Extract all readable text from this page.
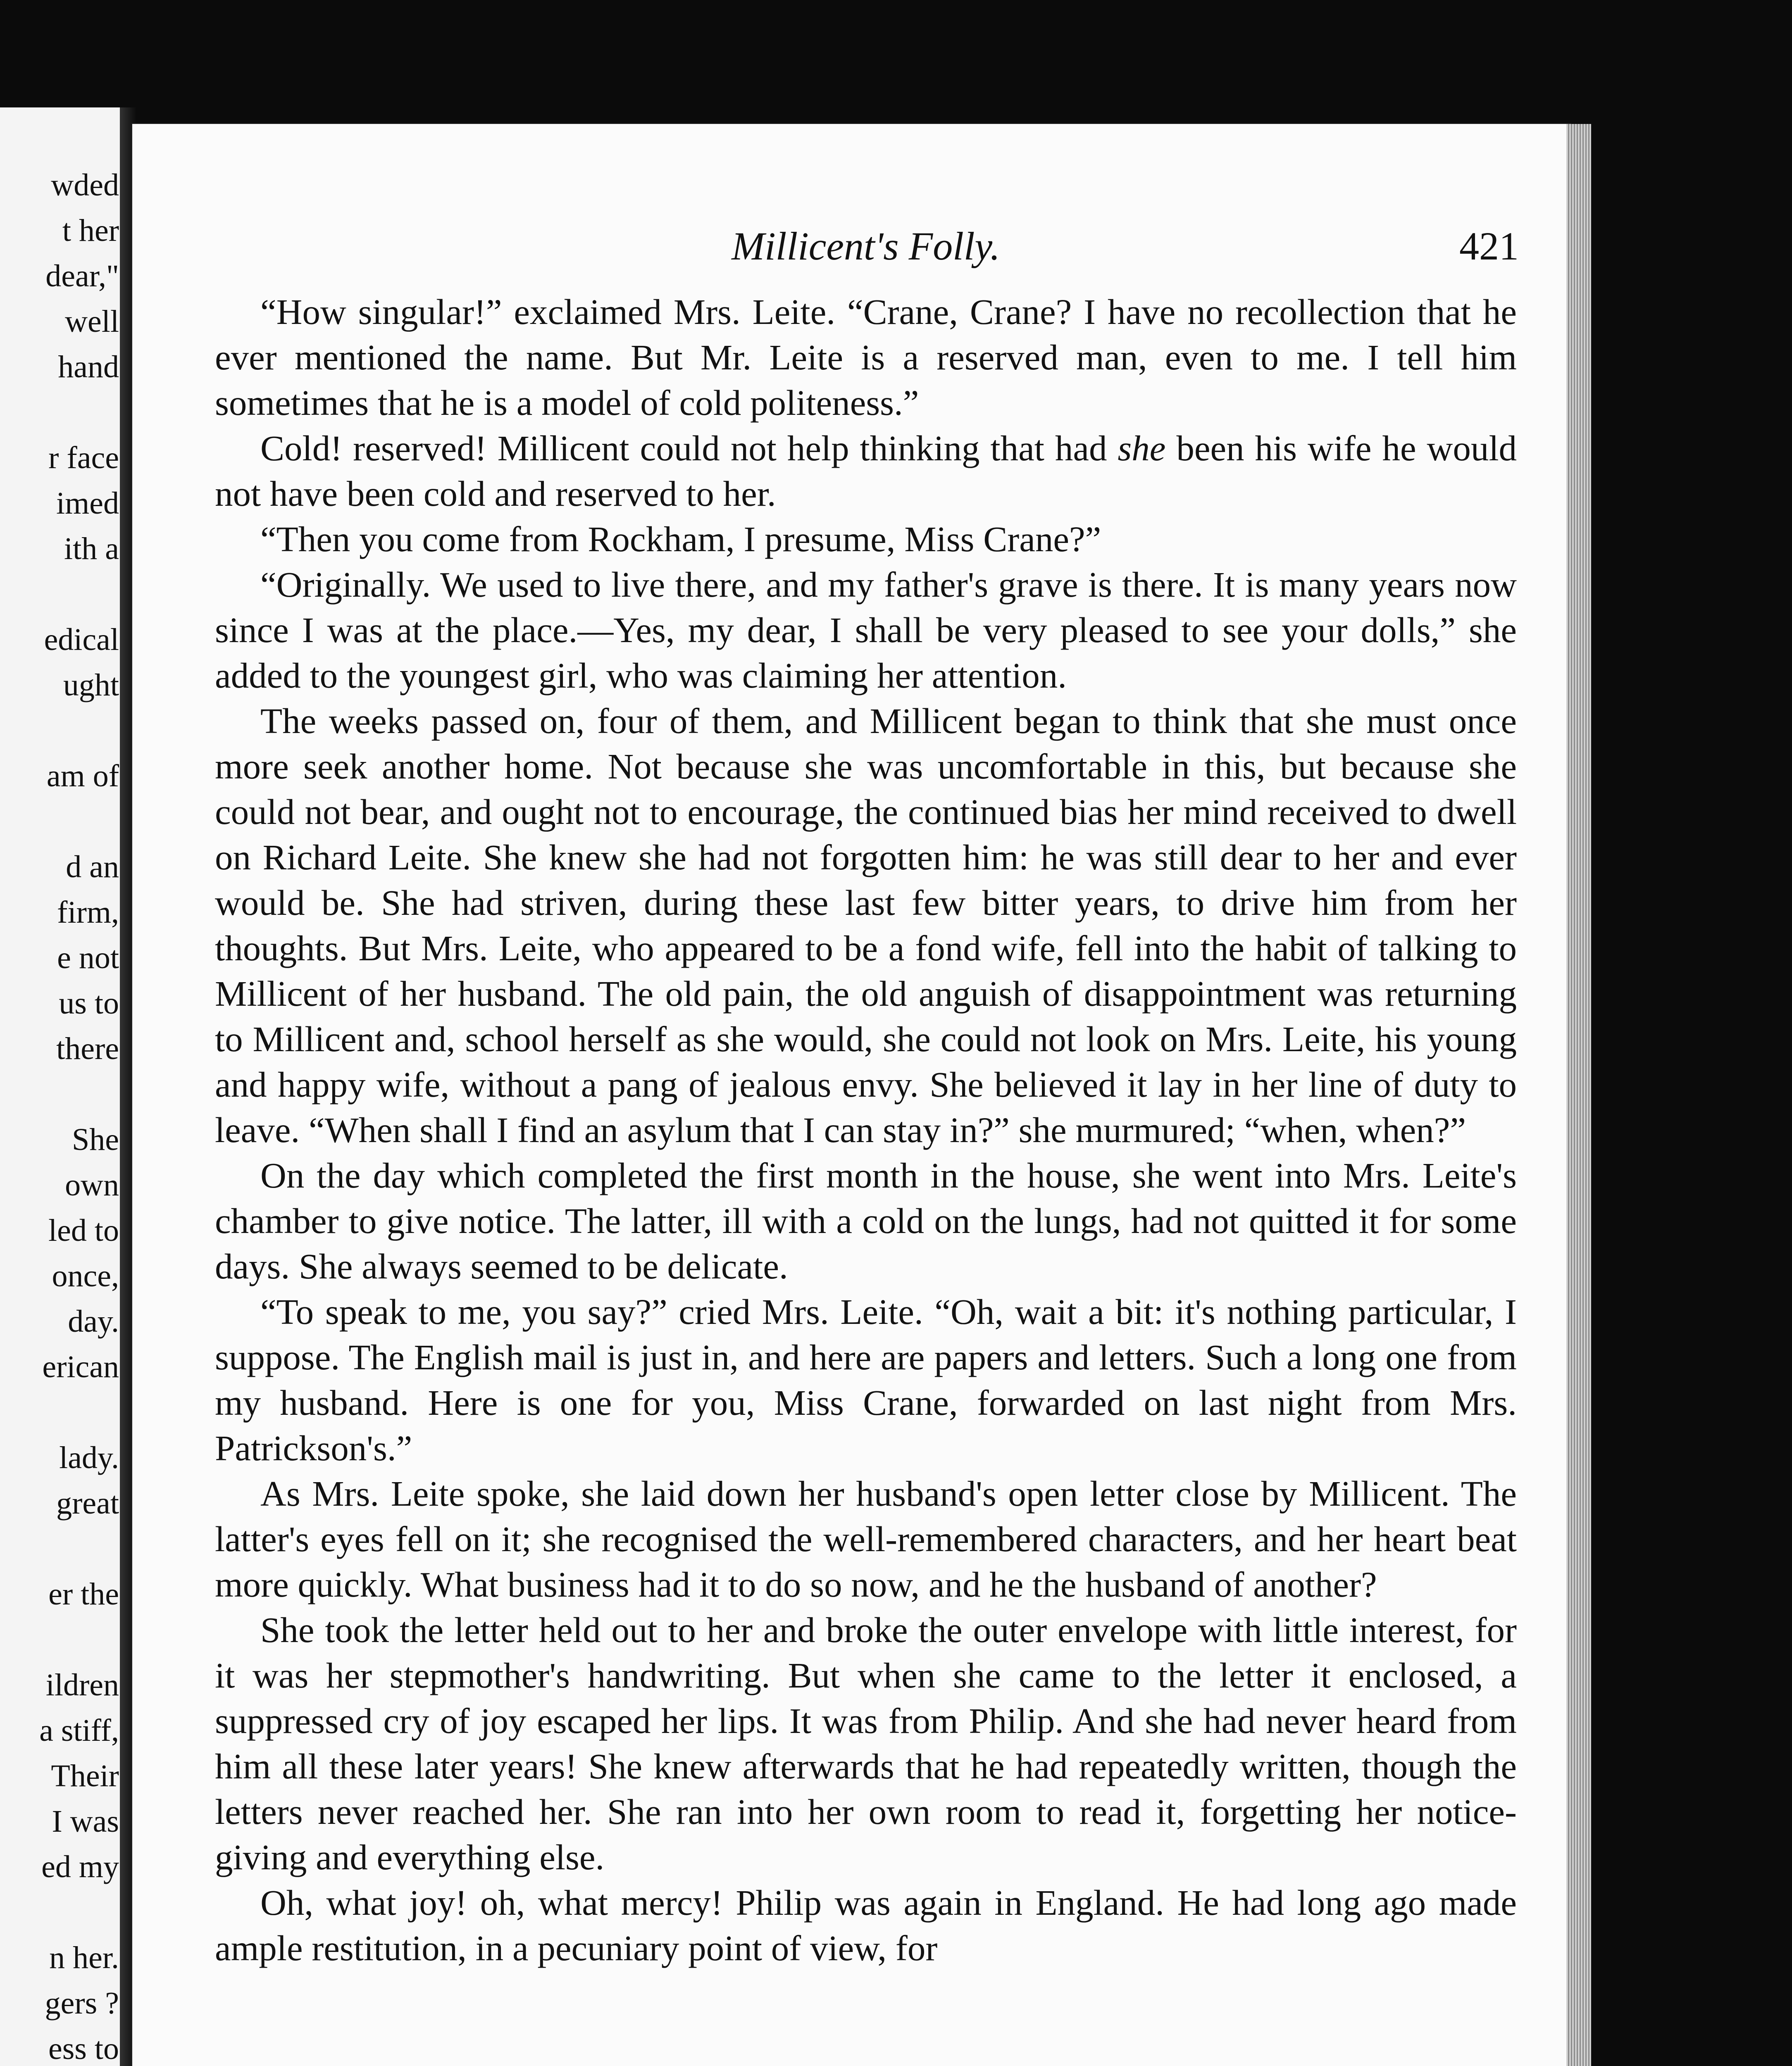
wded
t her
dear,"
well
hand
r face
imed
ith a
edical
ught
am of
d an
firm,
e not
us to
there
She
own
led to
once,
day.
erican
lady.
great
er the
ildren
a stiff,
Their
I was
ed my
n her.
gers ?
ess to
Millicent's Folly.	421

“How singular!” exclaimed Mrs. Leite. “Crane, Crane? I have no recollection that he ever mentioned the name. But Mr. Leite is a reserved man, even to me. I tell him sometimes that he is a model of cold politeness.”

Cold! reserved! Millicent could not help thinking that had she been his wife he would not have been cold and reserved to her.

“Then you come from Rockham, I presume, Miss Crane?”

“Originally. We used to live there, and my father's grave is there. It is many years now since I was at the place.—Yes, my dear, I shall be very pleased to see your dolls,” she added to the youngest girl, who was claiming her attention.

The weeks passed on, four of them, and Millicent began to think that she must once more seek another home. Not because she was uncomfortable in this, but because she could not bear, and ought not to encourage, the continued bias her mind received to dwell on Richard Leite. She knew she had not forgotten him: he was still dear to her and ever would be. She had striven, during these last few bitter years, to drive him from her thoughts. But Mrs. Leite, who appeared to be a fond wife, fell into the habit of talking to Millicent of her husband. The old pain, the old anguish of disappointment was returning to Millicent and, school herself as she would, she could not look on Mrs. Leite, his young and happy wife, without a pang of jealous envy. She believed it lay in her line of duty to leave. “When shall I find an asylum that I can stay in?” she murmured; “when, when?”

On the day which completed the first month in the house, she went into Mrs. Leite's chamber to give notice. The latter, ill with a cold on the lungs, had not quitted it for some days. She always seemed to be delicate.

“To speak to me, you say?” cried Mrs. Leite. “Oh, wait a bit: it's nothing particular, I suppose. The English mail is just in, and here are papers and letters. Such a long one from my husband. Here is one for you, Miss Crane, forwarded on last night from Mrs. Patrickson's.”

As Mrs. Leite spoke, she laid down her husband's open letter close by Millicent. The latter's eyes fell on it; she recognised the well-remembered characters, and her heart beat more quickly. What business had it to do so now, and he the husband of another?

She took the letter held out to her and broke the outer envelope with little interest, for it was her stepmother's handwriting. But when she came to the letter it enclosed, a suppressed cry of joy escaped her lips. It was from Philip. And she had never heard from him all these later years! She knew afterwards that he had repeatedly written, though the letters never reached her. She ran into her own room to read it, forgetting her notice-giving and everything else.

Oh, what joy! oh, what mercy! Philip was again in England. He had long ago made ample restitution, in a pecuniary point of view, for
